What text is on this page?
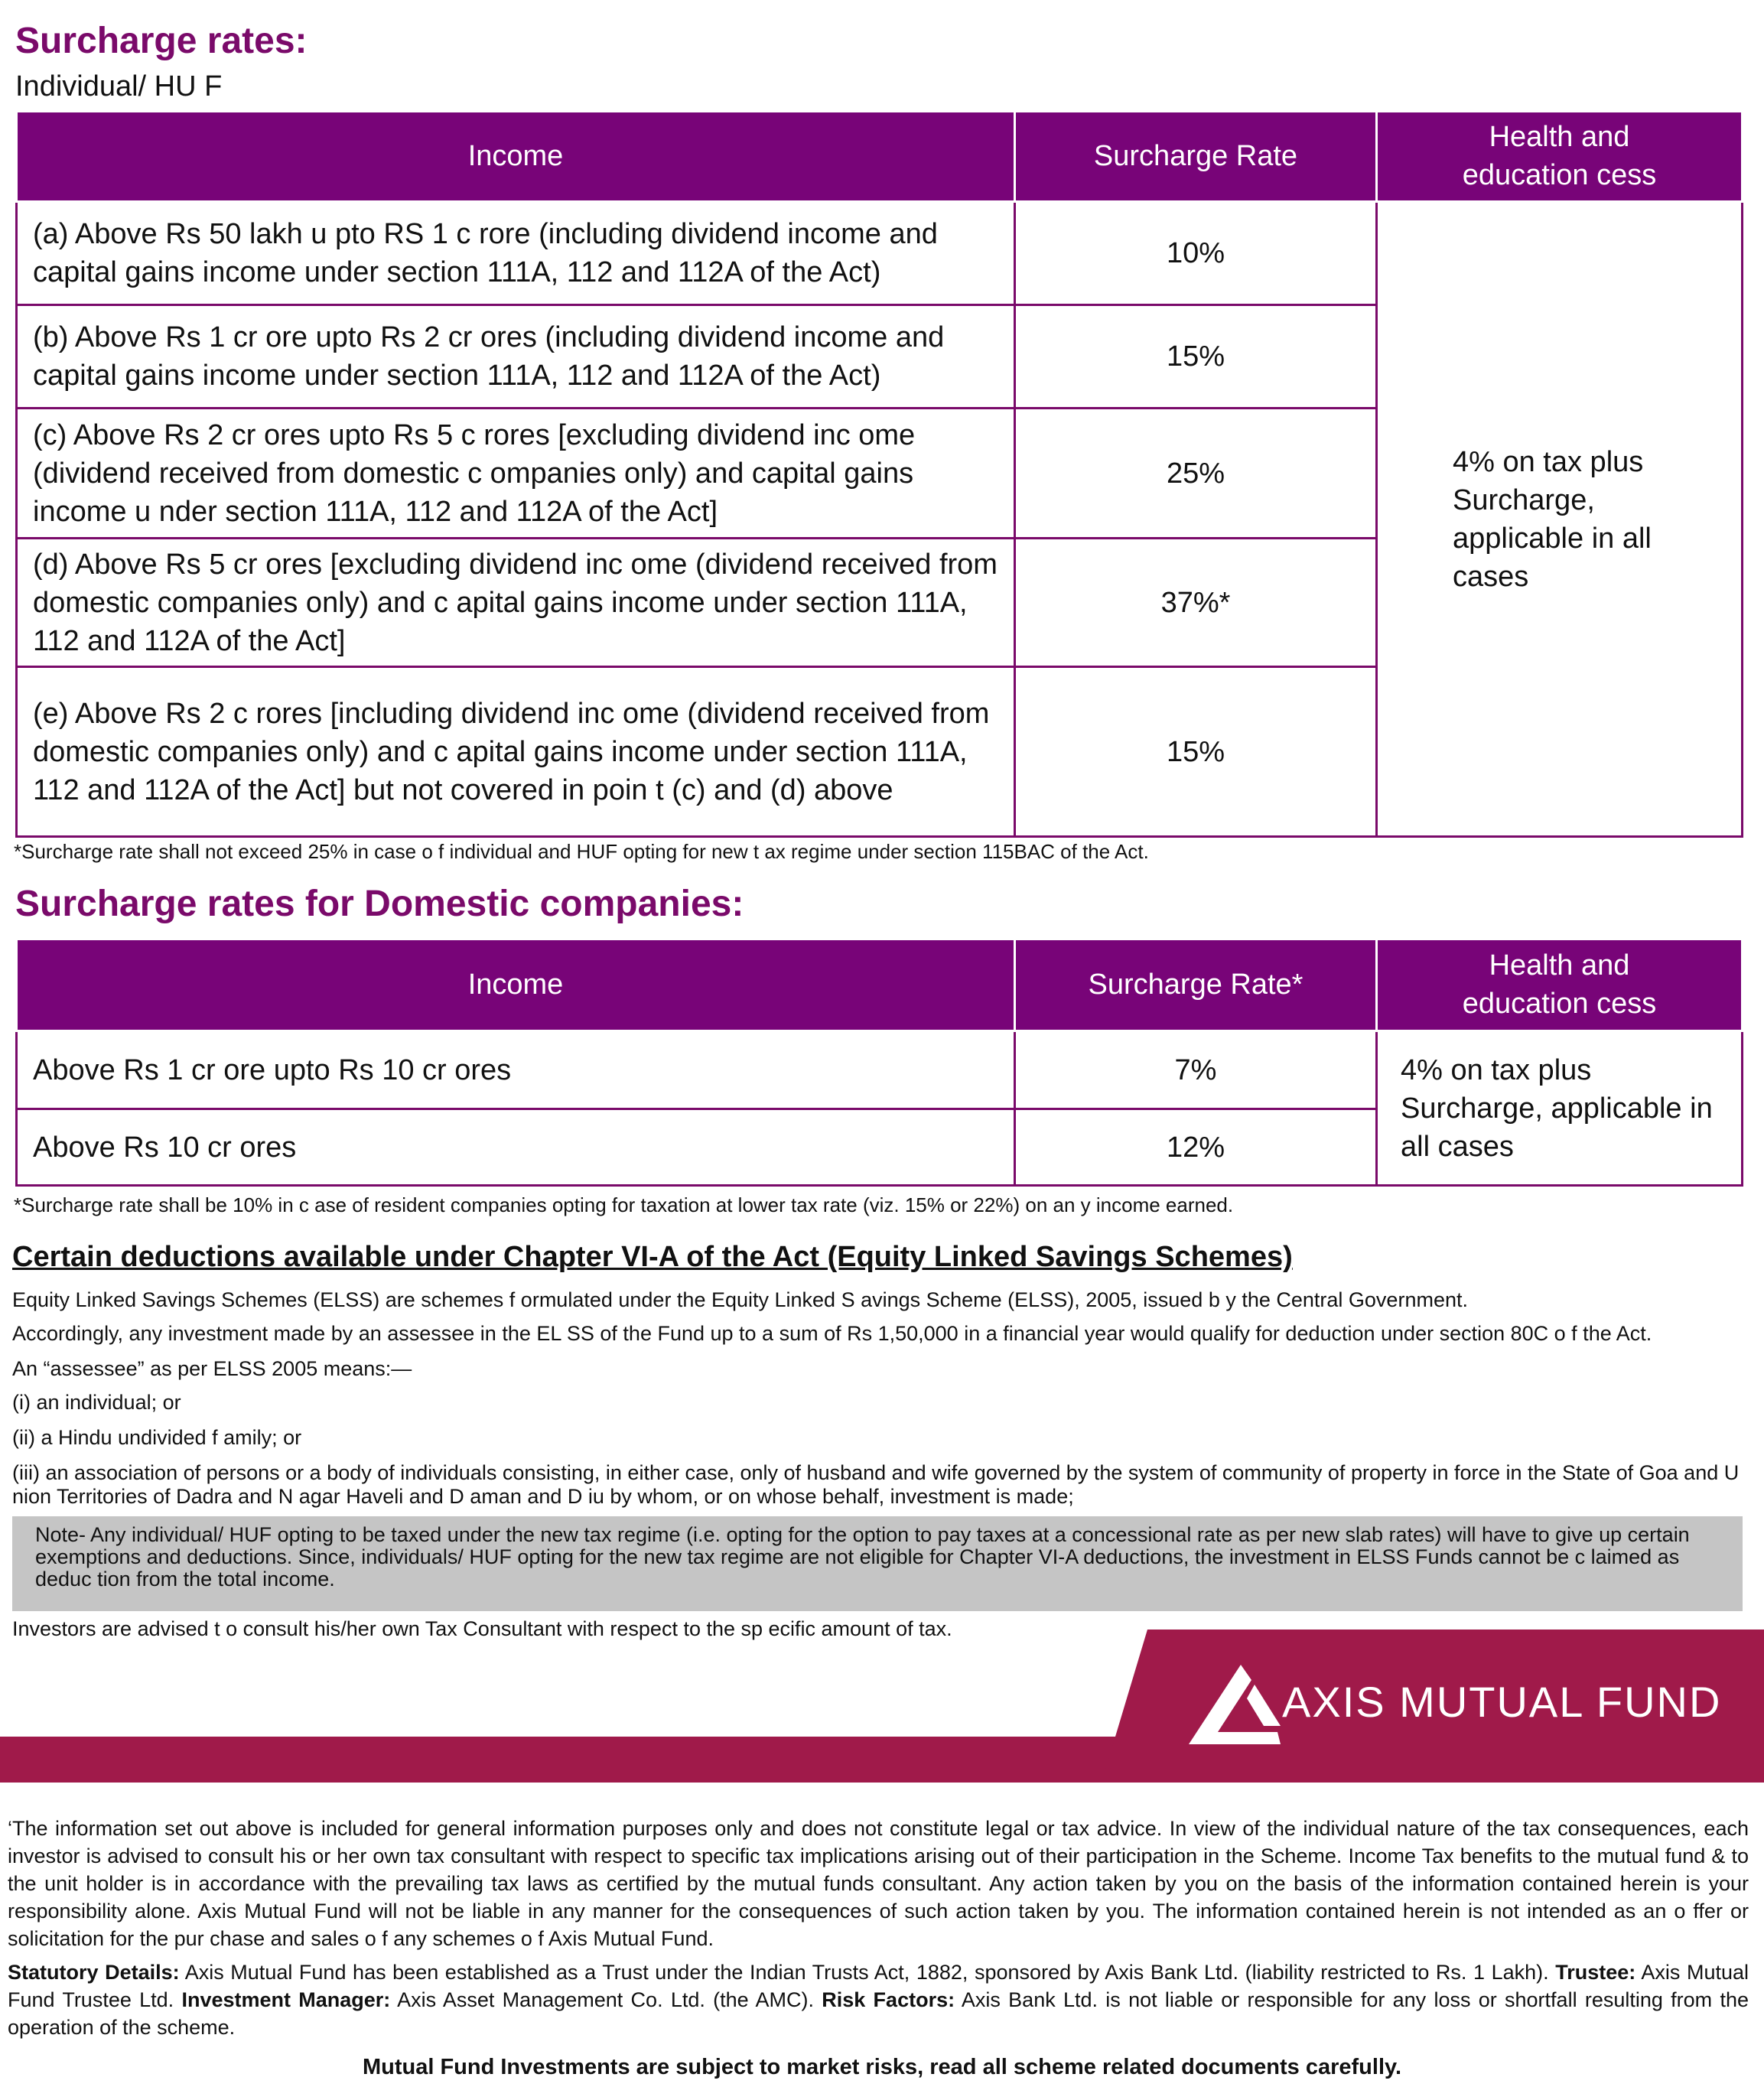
Surcharge rates:
Individual/ HU F
Income	Surcharge Rate	Health and education cess
(a) Above Rs 50 lakh u pto RS 1 c rore (including dividend income and capital gains income under section 111A, 112 and 112A of the Act)	10%	4% on tax plus Surcharge, applicable in all cases
(b) Above Rs 1 cr ore upto Rs 2 cr ores (including dividend income and capital gains income under section 111A, 112 and 112A of the Act)	15%	
(c) Above Rs 2 cr ores upto Rs 5 c rores [excluding dividend inc ome (dividend received from domestic c ompanies only) and capital gains income u nder section 111A, 112 and 112A of the Act]	25%	
(d) Above Rs 5 cr ores [excluding dividend inc ome (dividend received from domestic companies only) and c apital gains income under section 111A, 112 and 112A of the Act]	37%*	
(e) Above Rs 2 c rores [including dividend inc ome (dividend received from domestic companies only) and c apital gains income under section 111A, 112 and 112A of the Act] but not covered in poin t (c) and (d) above	15%	
*Surcharge rate shall not exceed 25% in case o f individual and HUF opting for new t ax regime under section 115BAC of the Act.
Surcharge rates for Domestic companies:
Income	Surcharge Rate*	Health and education cess
Above Rs 1 cr ore upto Rs 10 cr ores	7%	4% on tax plus Surcharge, applicable in all cases
Above Rs 10 cr ores	12%	
*Surcharge rate shall be 10% in c ase of resident companies opting for taxation at lower tax rate (viz. 15% or 22%) on an y income earned.
Certain deductions available under Chapter VI-A of the Act (Equity Linked Savings Schemes)
Equity Linked Savings Schemes (ELSS) are schemes f ormulated under the Equity Linked S avings Scheme (ELSS), 2005, issued b y the Central Government.
Accordingly, any investment made by an assessee in the EL SS of the Fund up to a sum of Rs 1,50,000 in a financial year would qualify for deduction under section 80C o f the Act.
An “assessee” as per ELSS 2005 means:—
(i) an individual; or
(ii) a Hindu undivided f amily; or
(iii) an association of persons or a body of individuals consisting, in either case, only of husband and wife governed by the system of community of property in force in the State of Goa and U nion Territories of Dadra and N agar Haveli and D aman and D iu by whom, or on whose behalf, investment is made;
Note- Any individual/ HUF opting to be taxed under the new tax regime (i.e. opting for the option to pay taxes at a concessional rate as per new slab rates) will have to give up certain exemptions and deductions. Since, individuals/ HUF opting for the new tax regime are not eligible for Chapter VI-A deductions, the investment in ELSS Funds cannot be c laimed as deduc tion from the total income.
Investors are advised t o consult his/her own Tax Consultant with respect to the sp ecific amount of tax.
AXIS MUTUAL FUND
‘The information set out above is included for general information purposes only and does not constitute legal or tax advice. In view of the individual nature of the tax consequences, each investor is advised to consult his or her own tax consultant with respect to specific tax implications arising out of their participation in the Scheme. Income Tax benefits to the mutual fund & to the unit holder is in accordance with the prevailing tax laws as certified by the mutual funds consultant. Any action taken by you on the basis of the information contained herein is your responsibility alone. Axis Mutual Fund will not be liable in any manner for the consequences of such action taken by you. The information contained herein is not intended as an o ffer or solicitation for the pur chase and sales o f any schemes o f Axis Mutual Fund.
Statutory Details: Axis Mutual Fund has been established as a Trust under the Indian Trusts Act, 1882, sponsored by Axis Bank Ltd. (liability restricted to Rs. 1 Lakh). Trustee: Axis Mutual Fund Trustee Ltd. Investment Manager: Axis Asset Management Co. Ltd. (the AMC). Risk Factors: Axis Bank Ltd. is not liable or responsible for any loss or shortfall resulting from the operation of the scheme.
Mutual Fund Investments are subject to market risks, read all scheme related documents carefully.
